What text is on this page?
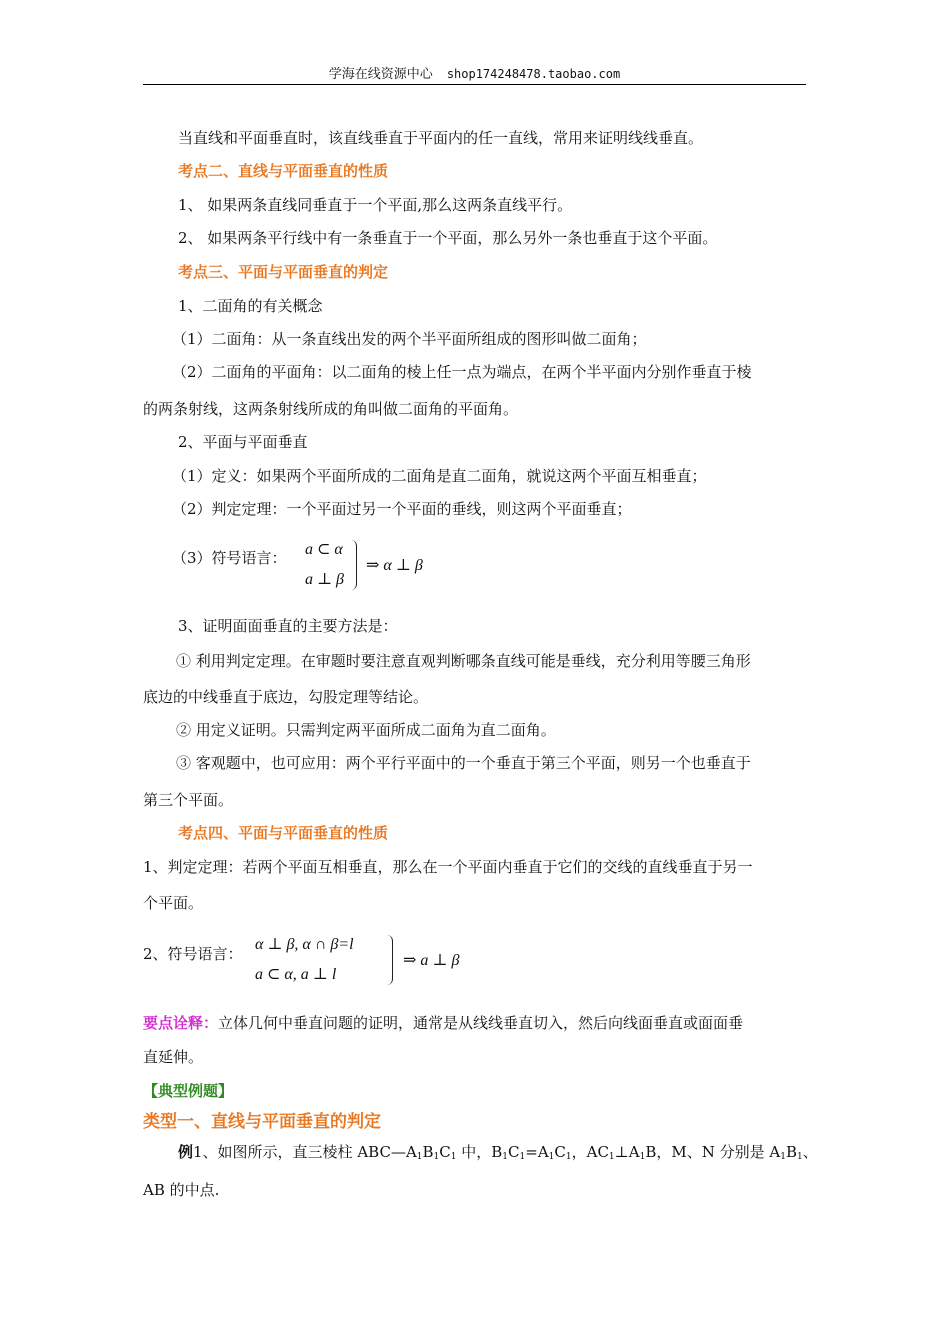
学海在线资源中心 shop174248478.taobao.com
当直线和平面垂直时，该直线垂直于平面内的任一直线，常用来证明线线垂直。
考点二、直线与平面垂直的性质
1、 如果两条直线同垂直于一个平面,那么这两条直线平行。
2、 如果两条平行线中有一条垂直于一个平面，那么另外一条也垂直于这个平面。
考点三、平面与平面垂直的判定
1、二面角的有关概念
（1）二面角：从一条直线出发的两个半平面所组成的图形叫做二面角；
（2）二面角的平面角：以二面角的棱上任一点为端点，在两个半平面内分别作垂直于棱
的两条射线，这两条射线所成的角叫做二面角的平面角。
2、平面与平面垂直
（1）定义：如果两个平面所成的二面角是直二面角，就说这两个平面互相垂直；
（2）判定定理：一个平面过另一个平面的垂线，则这两个平面垂直；
（3）符号语言： a ⊂ α
a ⊥ β
⇒ α ⊥ β
3、证明面面垂直的主要方法是：
① 利用判定定理。在审题时要注意直观判断哪条直线可能是垂线，充分利用等腰三角形
底边的中线垂直于底边，勾股定理等结论。
② 用定义证明。只需判定两平面所成二面角为直二面角。
③ 客观题中，也可应用：两个平行平面中的一个垂直于第三个平面，则另一个也垂直于
第三个平面。
考点四、平面与平面垂直的性质
1、判定定理：若两个平面互相垂直，那么在一个平面内垂直于它们的交线的直线垂直于另一
个平面。
2、符号语言：
α ⊥ β, α ∩ β=l
a ⊂ α, a ⊥ l
⇒ a ⊥ β
要点诠释：立体几何中垂直问题的证明，通常是从线线垂直切入，然后向线面垂直或面面垂
直延伸。
【典型例题】
类型一、直线与平面垂直的判定
例1、如图所示，直三棱柱 $ABC—A_1B_1C_1$ 中，$B_1C_1=A_1C_1$，$AC_1\perp A_1B$，M、N 分别是 $A_1B_1$、
AB 的中点.
